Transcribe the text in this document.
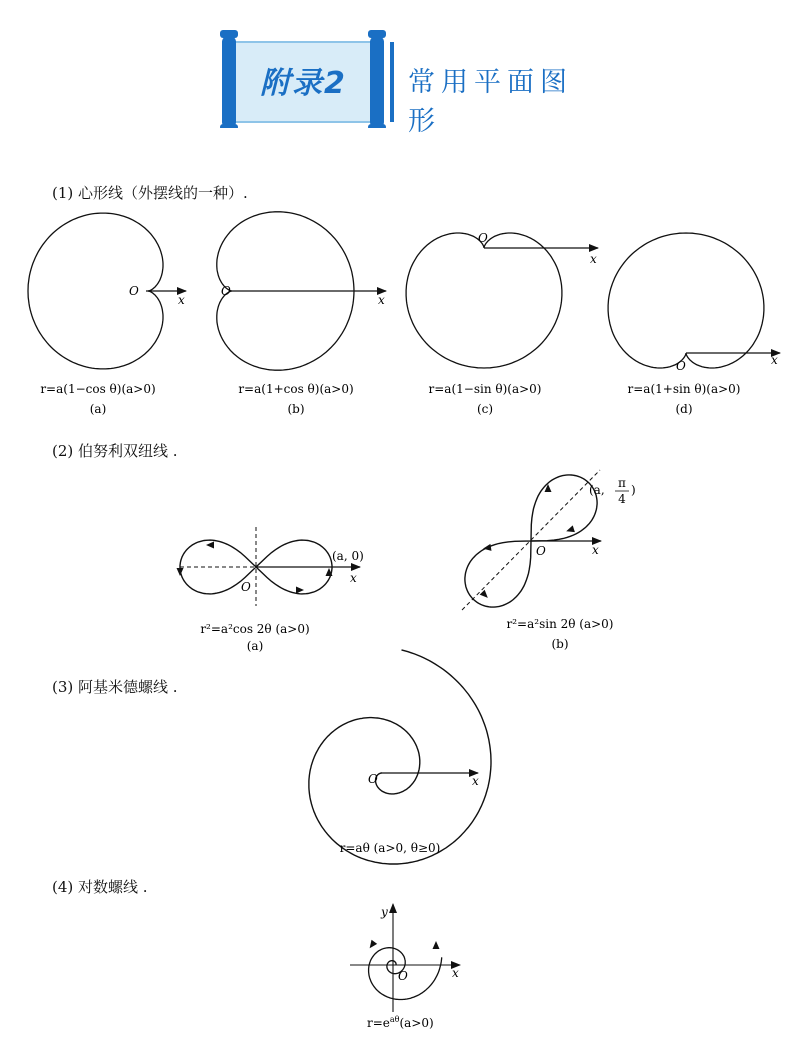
附录2 常用平面图形
(1) 心形线（外摆线的一种）.
(2) 伯努利双纽线 .
(3) 阿基米德螺线 .
(4) 对数螺线 .
O
x
r=a(1−cos θ)(a>0)
(a)
O
x
r=a(1+cos θ)(a>0)
(b)
O
x
r=a(1−sin θ)(a>0)
(c)
O	x
r=a(1+sin θ)(a>0)
(d)
O
x
(a, 0)
r²=a²cos 2θ (a>0)
(a)
O	x
(a, π
4
)
r²=a²sin 2θ (a>0)
(b)
O	x
r=aθ (a>0, θ≥0)
O	x
y
$r=e^{a\theta}(a>0)$
